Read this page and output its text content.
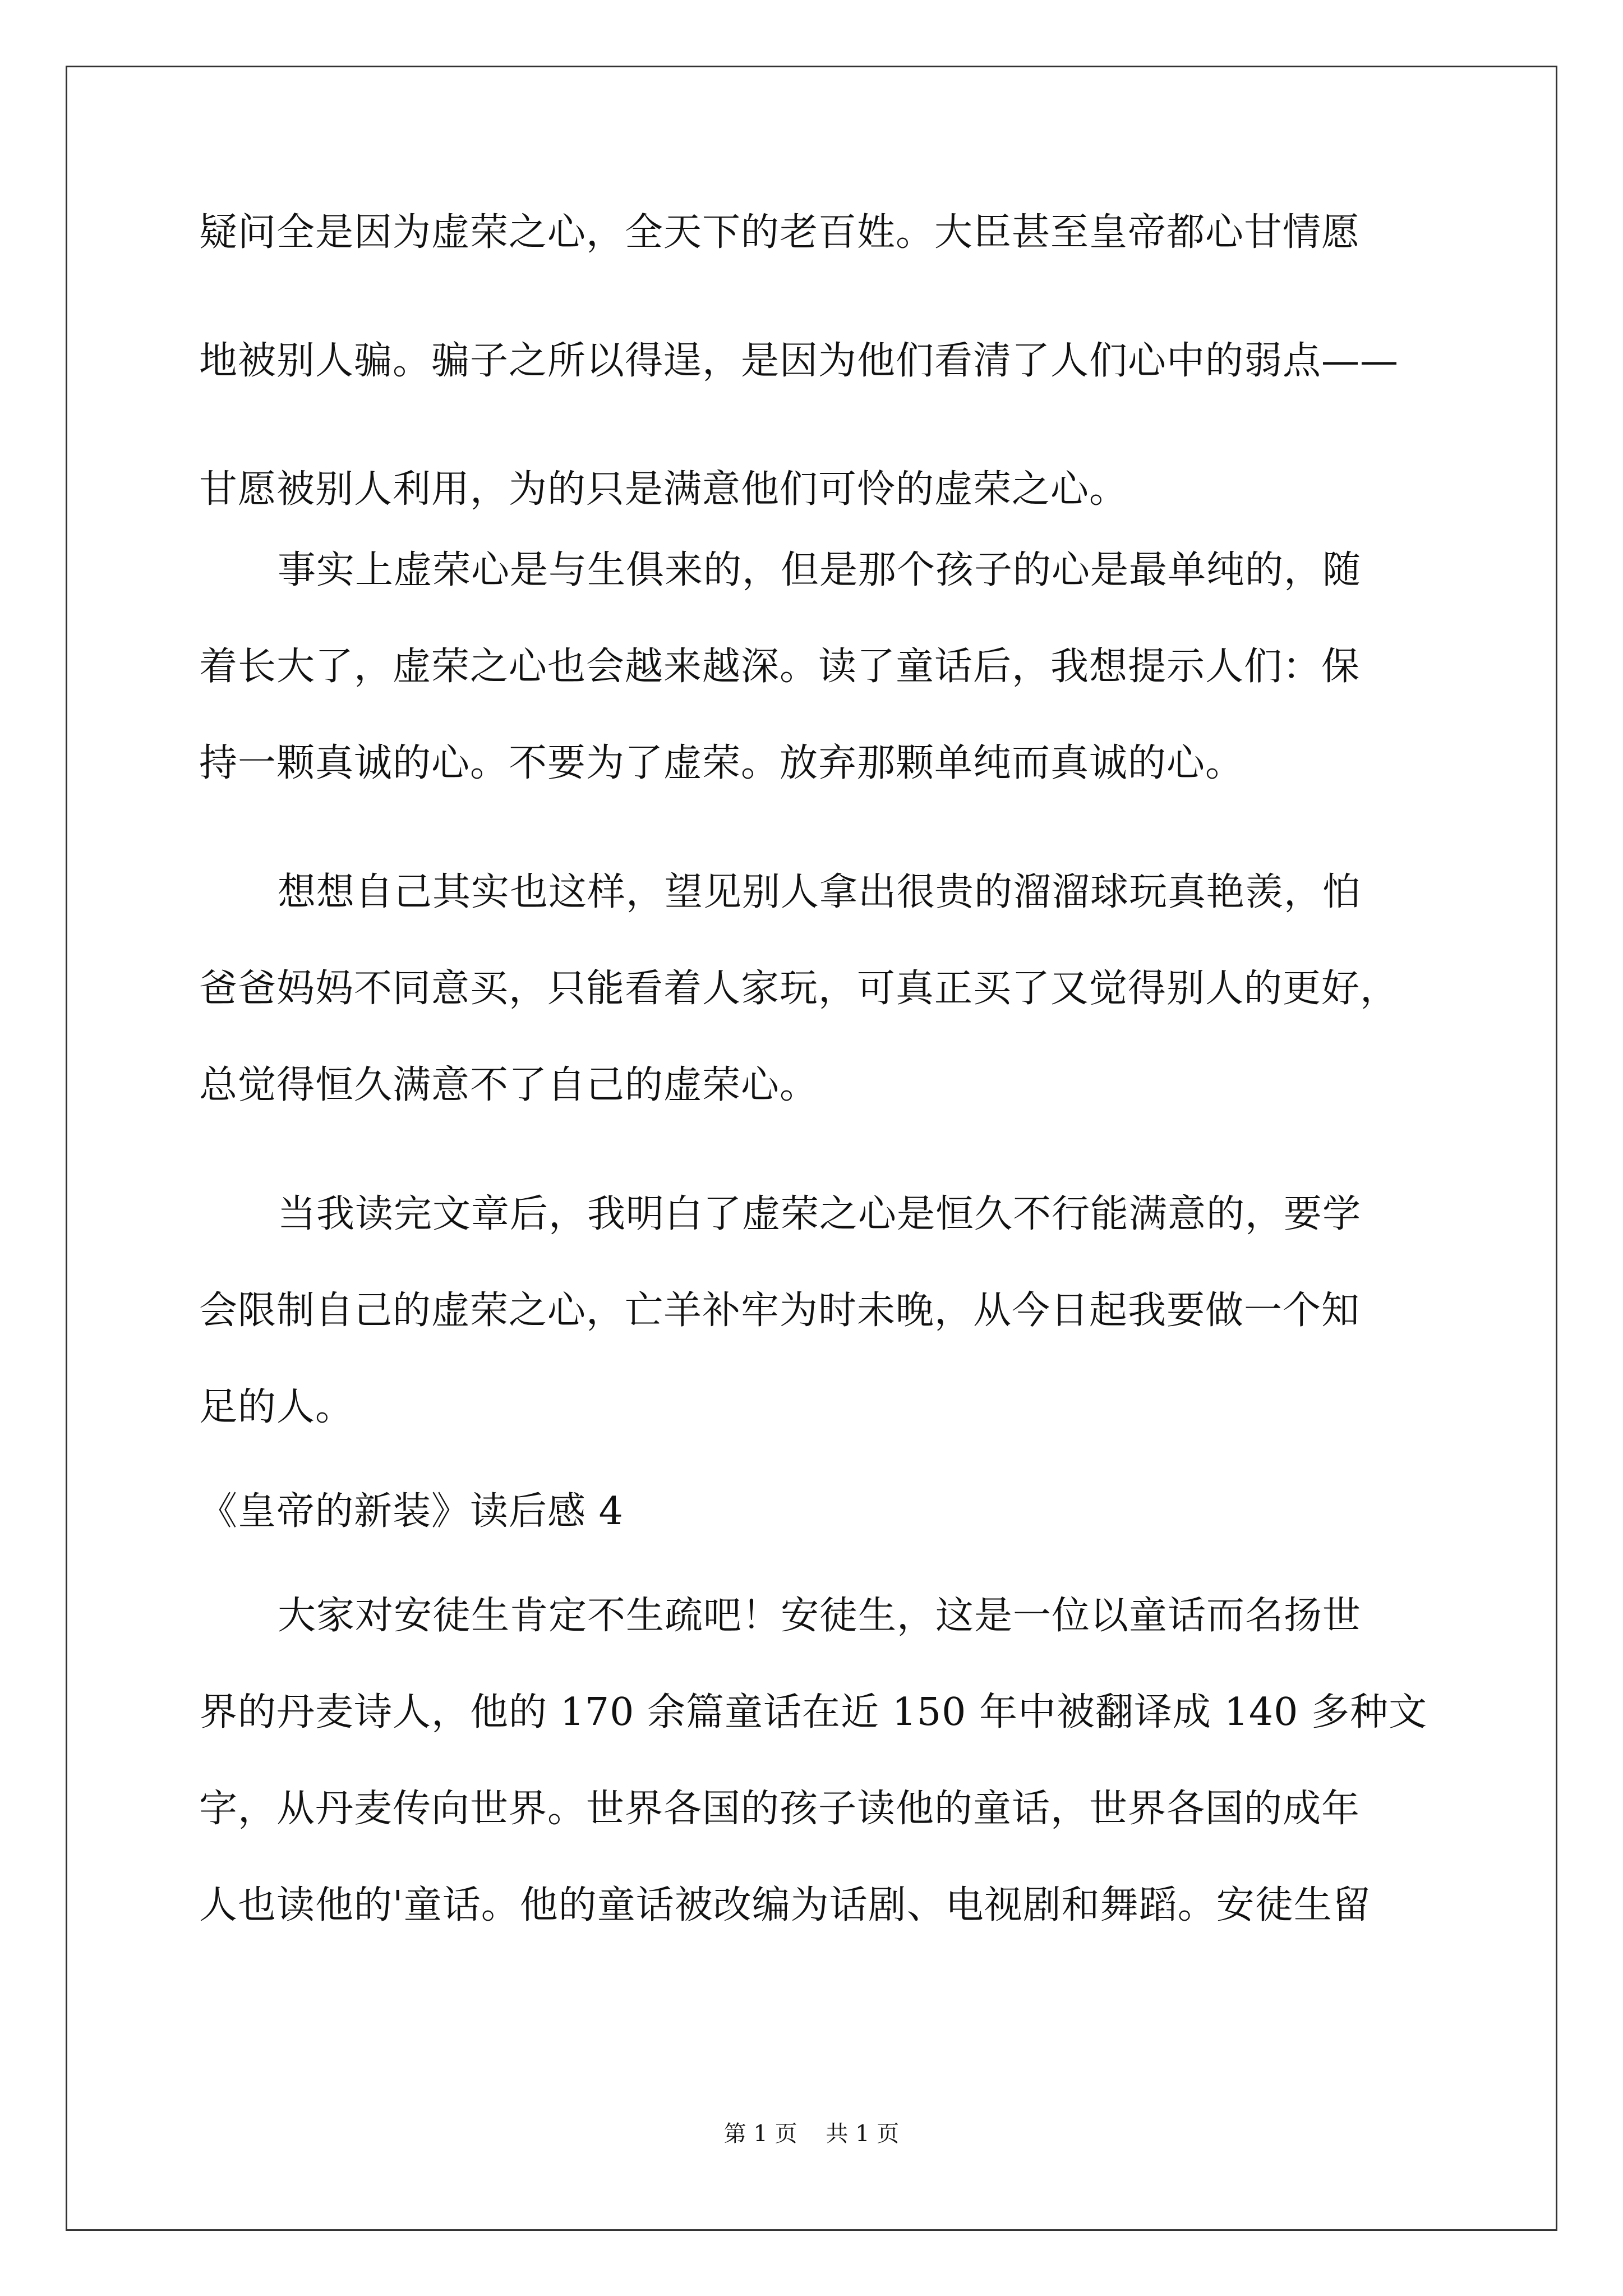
疑问全是因为虚荣之心，全天下的老百姓。大臣甚至皇帝都心甘情愿
地被别人骗。骗子之所以得逞，是因为他们看清了人们心中的弱点——
甘愿被别人利用，为的只是满意他们可怜的虚荣之心。
事实上虚荣心是与生俱来的，但是那个孩子的心是最单纯的，随
着长大了，虚荣之心也会越来越深。读了童话后，我想提示人们：保
持一颗真诚的心。不要为了虚荣。放弃那颗单纯而真诚的心。
想想自己其实也这样，望见别人拿出很贵的溜溜球玩真艳羡，怕
爸爸妈妈不同意买，只能看着人家玩，可真正买了又觉得别人的更好，
总觉得恒久满意不了自己的虚荣心。
当我读完文章后，我明白了虚荣之心是恒久不行能满意的，要学
会限制自己的虚荣之心，亡羊补牢为时未晚，从今日起我要做一个知
足的人。
《皇帝的新装》读后感 4
大家对安徒生肯定不生疏吧！安徒生，这是一位以童话而名扬世
界的丹麦诗人，他的 170 余篇童话在近 150 年中被翻译成 140 多种文
字，从丹麦传向世界。世界各国的孩子读他的童话，世界各国的成年
人也读他的'童话。他的童话被改编为话剧、电视剧和舞蹈。安徒生留
第 1 页    共 1 页
